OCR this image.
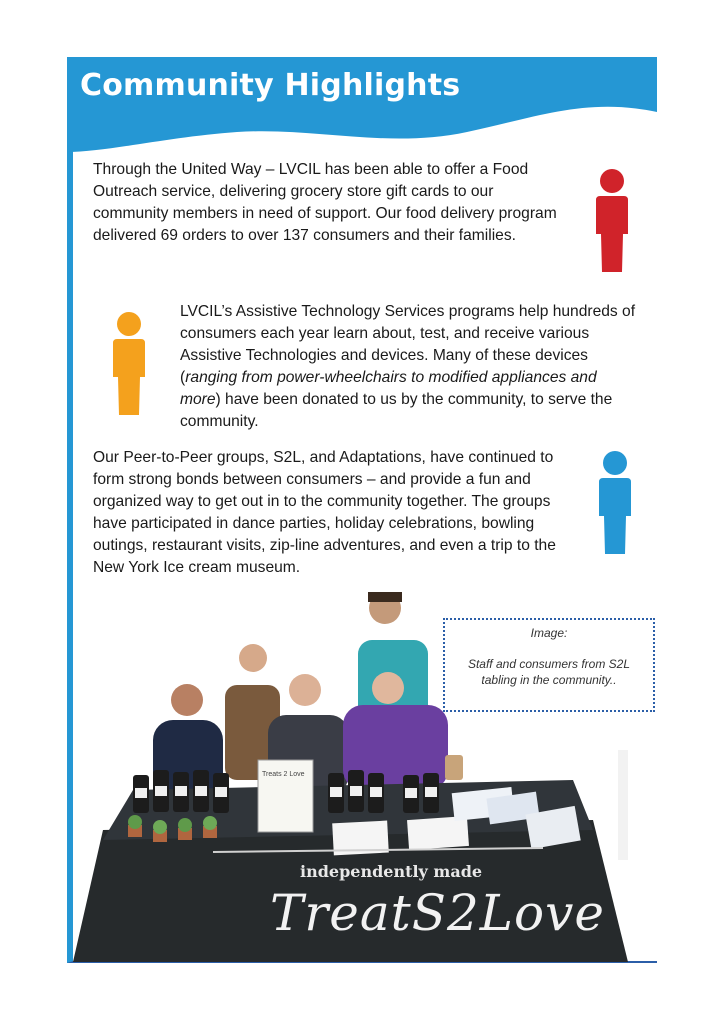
Community Highlights

Through the United Way – LVCIL has been able to offer a Food Outreach service, delivering grocery store gift cards to our community members in need of support. Our food delivery program delivered 69 orders to over 137 consumers and their families.

LVCIL’s Assistive Technology Services programs help hundreds of consumers each year learn about, test, and receive various Assistive Technologies and devices. Many of these devices (ranging from power-wheelchairs to modified appliances and more) have been donated to us by the community, to serve the community.

Our Peer-to-Peer groups, S2L, and Adaptations, have continued to form strong bonds between consumers – and provide a fun and organized way to get out in to the community together. The groups have participated in dance parties, holiday celebrations, bowling outings, restaurant visits, zip-line adventures, and even a trip to the New York Ice cream museum.

Treats 2 Love
independently made
TreatS2Love
Image:
Staff and consumers from S2L tabling in the community..
